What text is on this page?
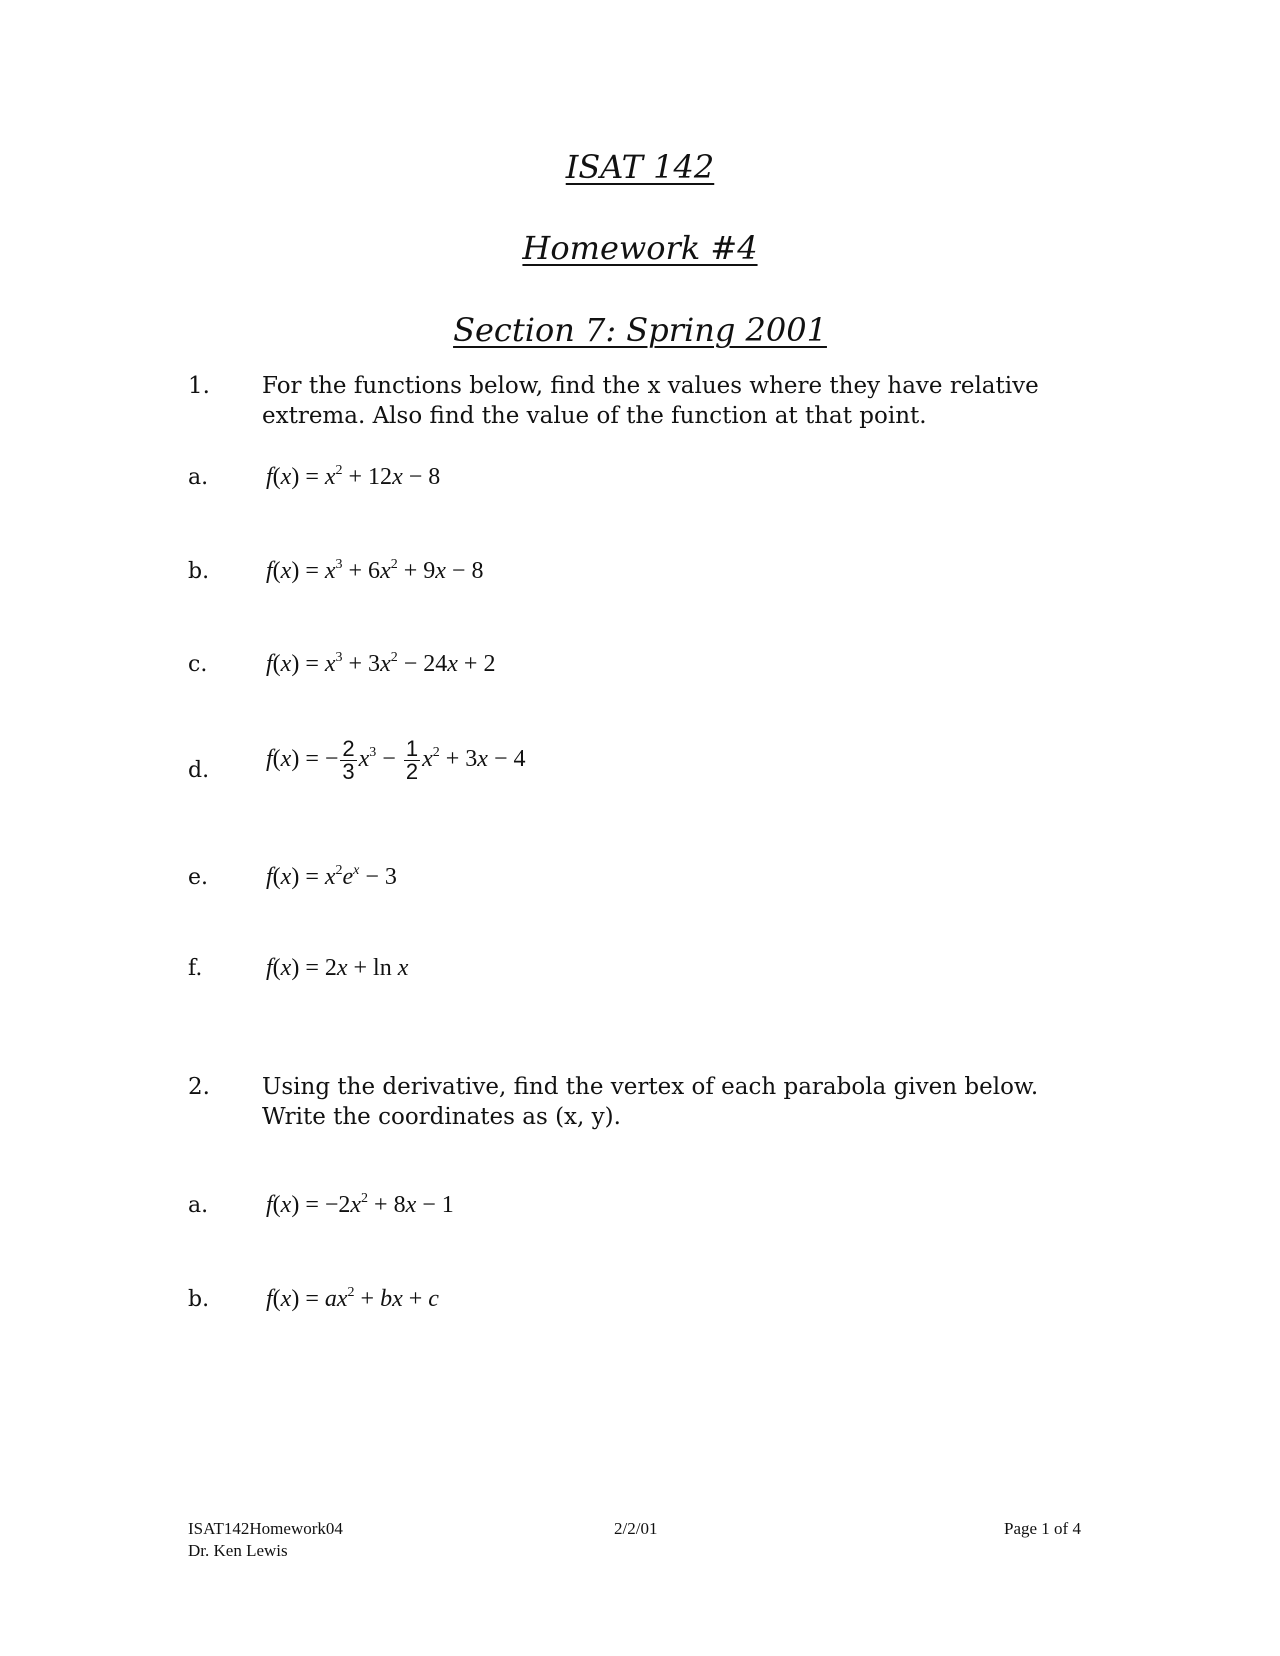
ISAT 142
Homework #4
Section 7: Spring 2001
1. For the functions below, find the x values where they have relative
extrema. Also find the value of the function at that point.
a. $f(x) = x^2 + 12x - 8$
b. $f(x) = x^3 + 6x^2 + 9x - 8$
c. $f(x) = x^3 + 3x^2 - 24x + 2$
d. f(x) = − $\frac{2}{3} x^3 - \frac{1}{2} x^2 + 3x - 4$
e. $f(x) = x^2e^x - 3$
f.	f(x) = 2x + ln x
2. Using the derivative, find the vertex of each parabola given below.
Write the coordinates as (x, y).
a. $f(x) = -2x^2 + 8x - 1$
b. $f(x) = ax^2$ + bx + c
ISAT142Homework04
Dr. Ken Lewis
2/2/01	Page 1 of 4
